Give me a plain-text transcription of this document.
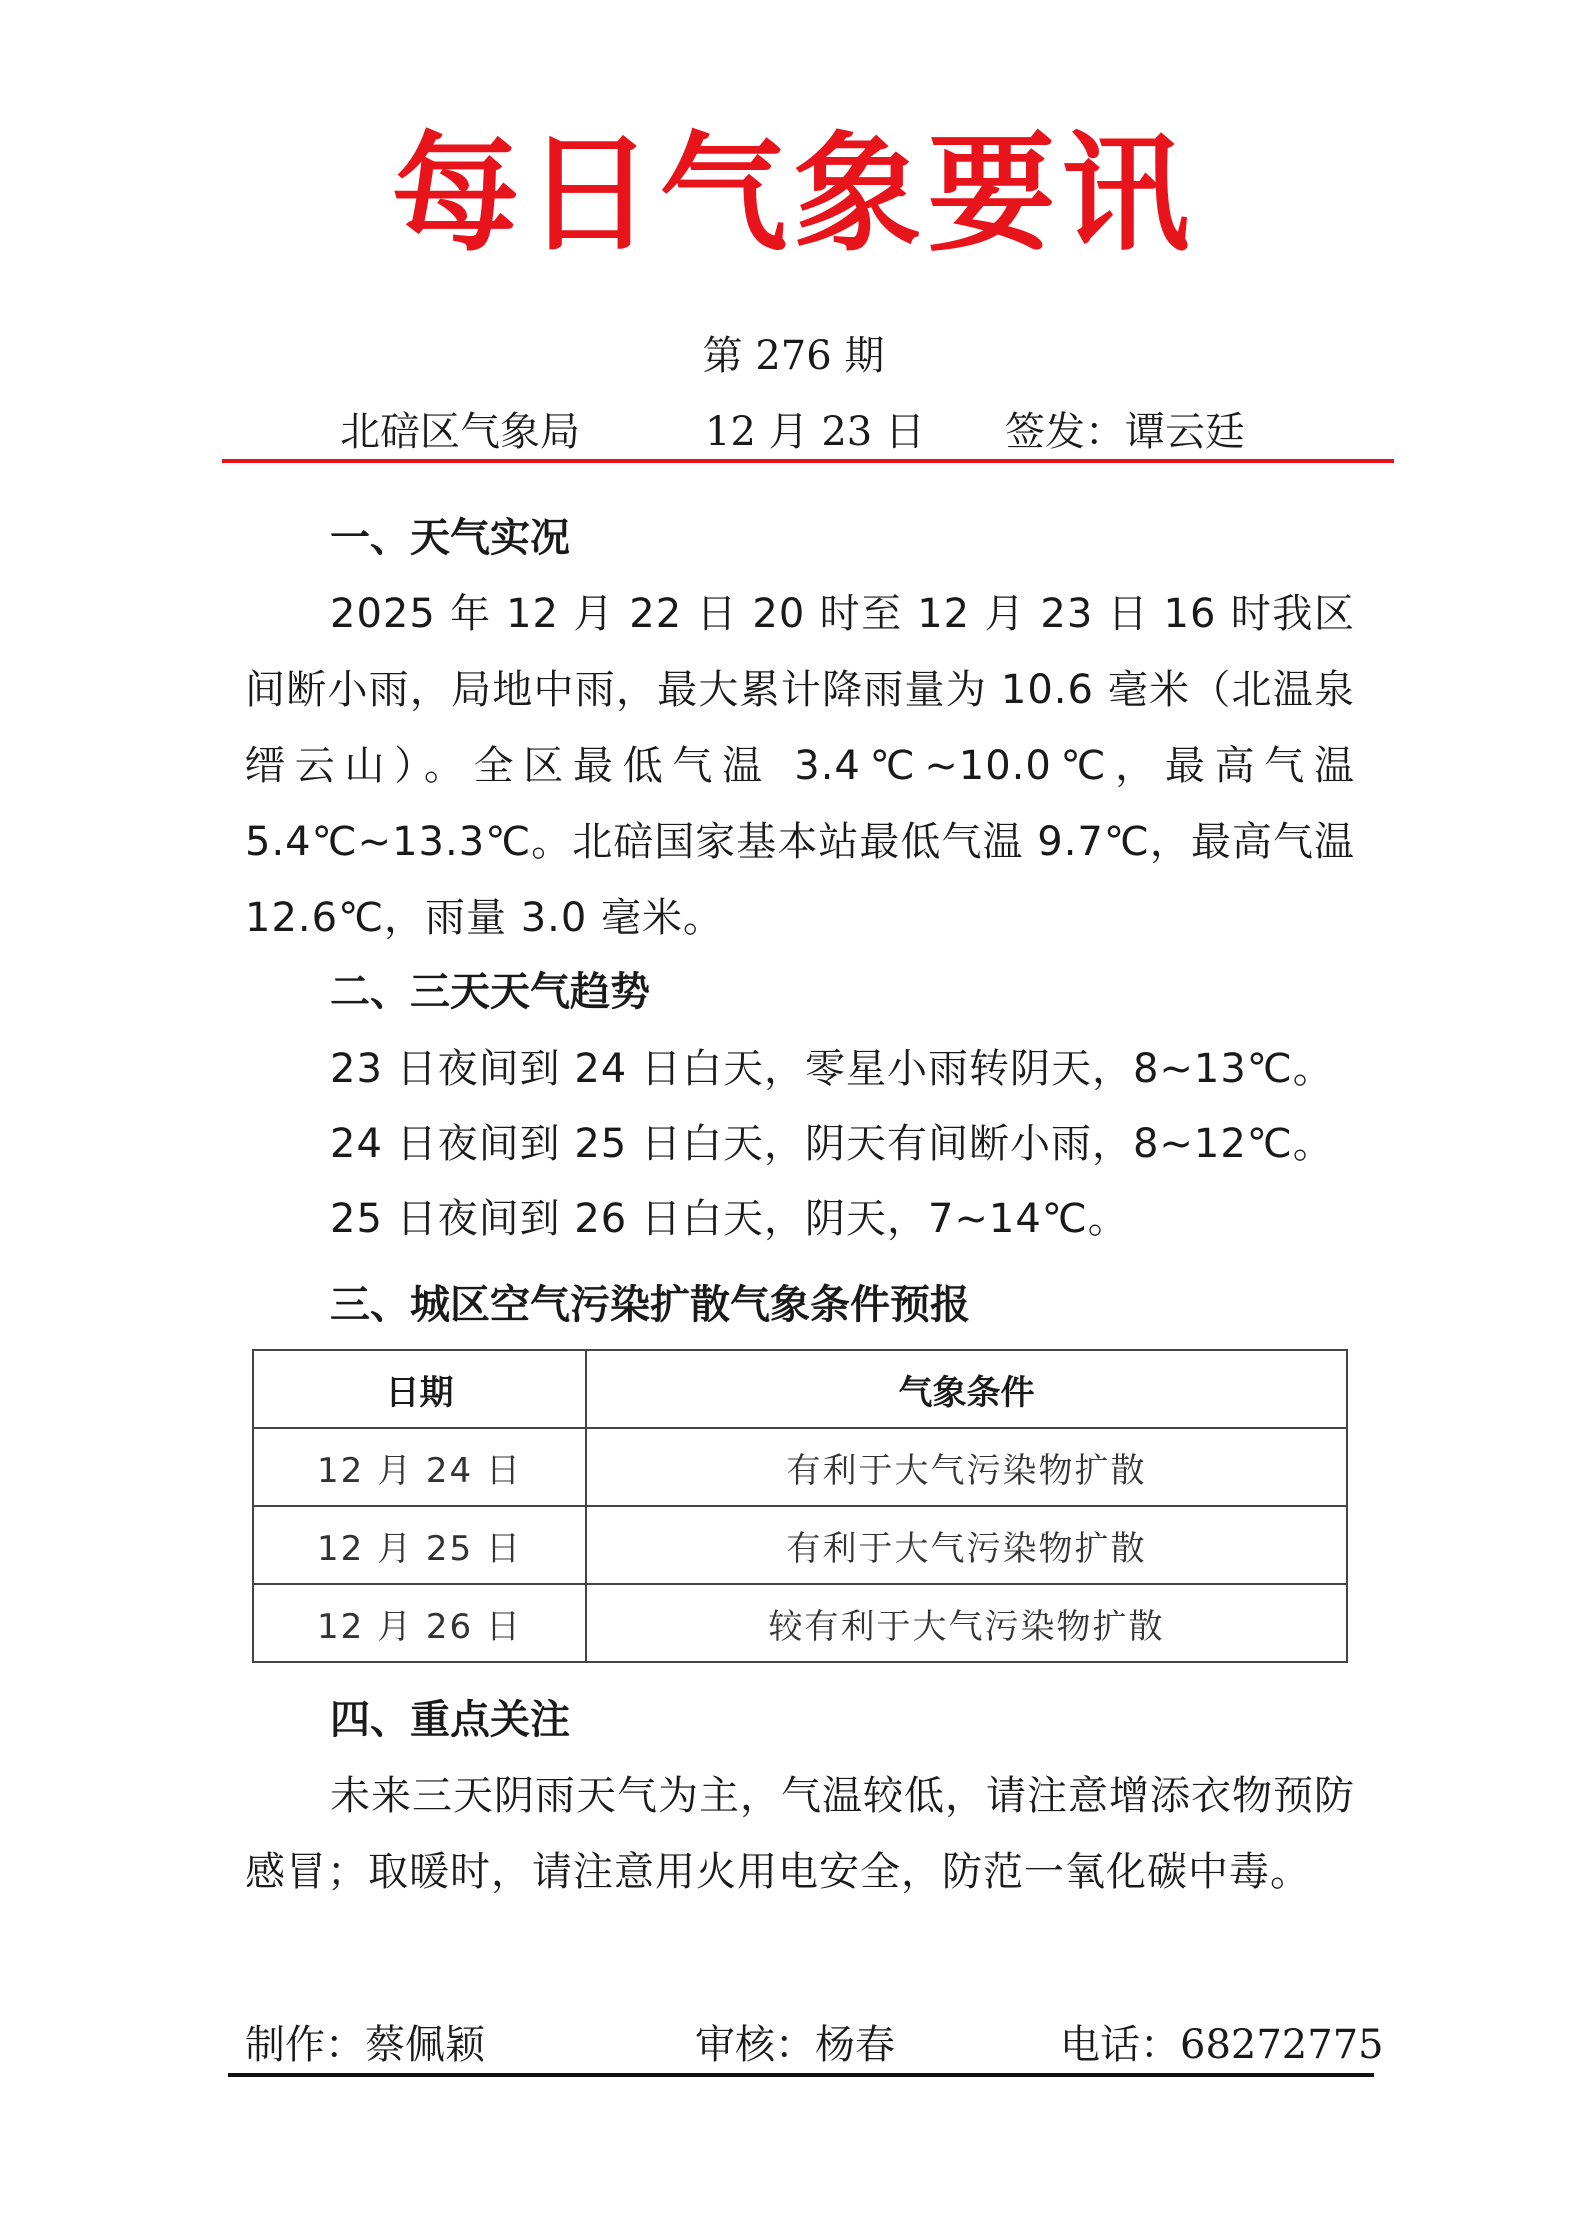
每日气象要讯
第 276 期
北碚区气象局	12 月 23 日 签发：谭云廷
一、天气实况
2025 年 12 月 22 日 20 时至 12 月 23 日 16 时我区间断小雨，局地中雨，最大累计降雨量为 10.6 毫米（北温泉缙云山）。全区最低气温 3.4℃~10.0℃，最高气温 5.4℃~13.3℃。北碚国家基本站最低气温 9.7℃，最高气温 12.6℃，雨量 3.0 毫米。
二、三天天气趋势
23 日夜间到 24 日白天，零星小雨转阴天，8~13℃。
24 日夜间到 25 日白天，阴天有间断小雨，8~12℃。
25 日夜间到 26 日白天，阴天，7~14℃。
三、城区空气污染扩散气象条件预报
日期	气象条件
12 月 24 日	有利于大气污染物扩散
12 月 25 日	有利于大气污染物扩散
12 月 26 日	较有利于大气污染物扩散
四、重点关注
未来三天阴雨天气为主，气温较低，请注意增添衣物预防感冒；取暖时，请注意用火用电安全，防范一氧化碳中毒。
制作：蔡佩颖	审核：杨春	电话：68272775
